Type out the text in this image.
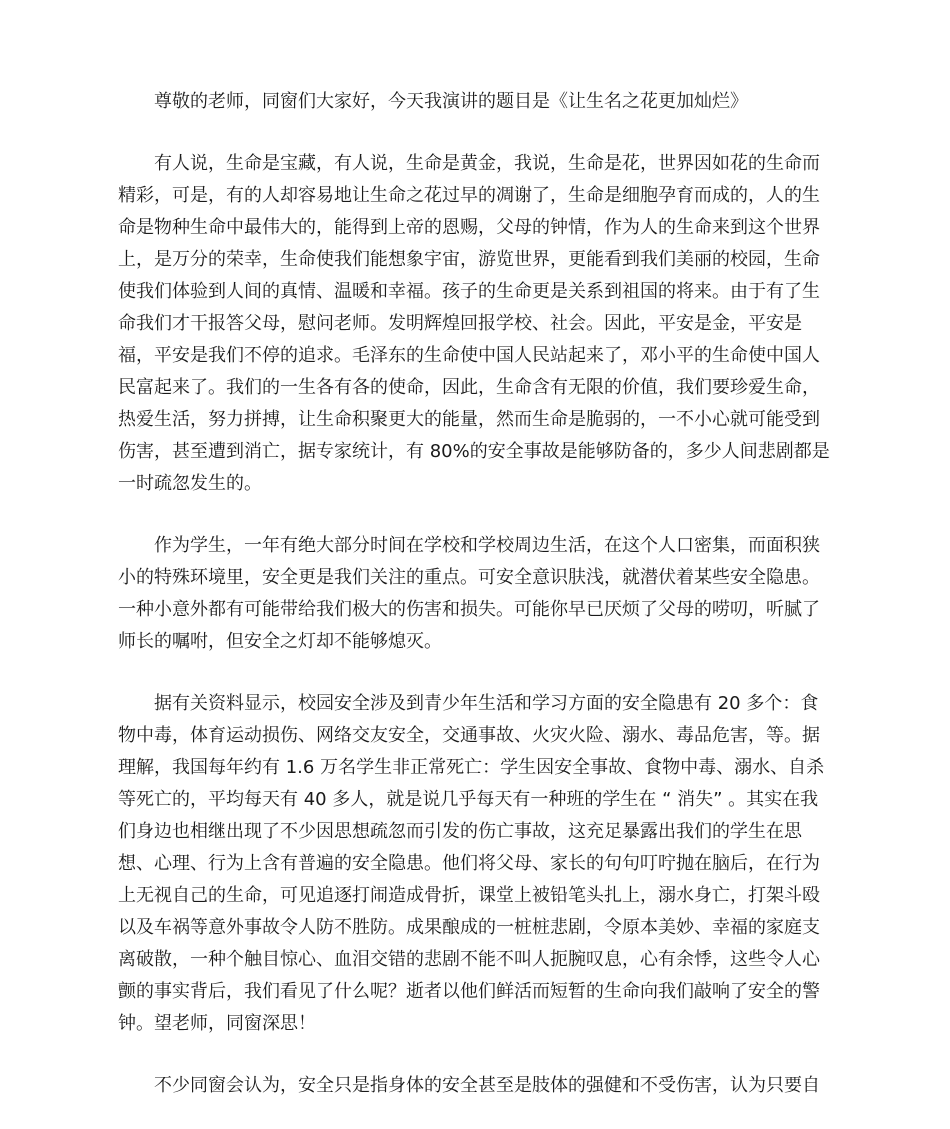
尊敬的老师，同窗们大家好，今天我演讲的题目是《让生名之花更加灿烂》

有人说，生命是宝藏，有人说，生命是黄金，我说，生命是花，世界因如花的生命而精彩，可是，有的人却容易地让生命之花过早的凋谢了，生命是细胞孕育而成的，人的生命是物种生命中最伟大的，能得到上帝的恩赐，父母的钟情，作为人的生命来到这个世界上，是万分的荣幸，生命使我们能想象宇宙，游览世界，更能看到我们美丽的校园，生命使我们体验到人间的真情、温暖和幸福。孩子的生命更是关系到祖国的将来。由于有了生命我们才干报答父母，慰问老师。发明辉煌回报学校、社会。因此，平安是金，平安是福，平安是我们不停的追求。毛泽东的生命使中国人民站起来了，邓小平的生命使中国人民富起来了。我们的一生各有各的使命，因此，生命含有无限的价值，我们要珍爱生命，热爱生活，努力拼搏，让生命积聚更大的能量，然而生命是脆弱的，一不小心就可能受到伤害，甚至遭到消亡，据专家统计，有 80%的安全事故是能够防备的，多少人间悲剧都是一时疏忽发生的。

作为学生，一年有绝大部分时间在学校和学校周边生活，在这个人口密集，而面积狭小的特殊环境里，安全更是我们关注的重点。可安全意识肤浅，就潜伏着某些安全隐患。一种小意外都有可能带给我们极大的伤害和损失。可能你早已厌烦了父母的唠叨，听腻了师长的嘱咐，但安全之灯却不能够熄灭。

据有关资料显示，校园安全涉及到青少年生活和学习方面的安全隐患有 20 多个：食物中毒，体育运动损伤、网络交友安全，交通事故、火灾火险、溺水、毒品危害，等。据理解，我国每年约有 1.6 万名学生非正常死亡：学生因安全事故、食物中毒、溺水、自杀等死亡的，平均每天有 40 多人，就是说几乎每天有一种班的学生在 “ 消失” 。其实在我们身边也相继出现了不少因思想疏忽而引发的伤亡事故，这充足暴露出我们的学生在思想、心理、行为上含有普遍的安全隐患。他们将父母、家长的句句叮咛抛在脑后，在行为上无视自己的生命，可见追逐打闹造成骨折，课堂上被铅笔头扎上，溺水身亡，打架斗殴以及车祸等意外事故令人防不胜防。成果酿成的一桩桩悲剧，令原本美妙、幸福的家庭支离破散，一种个触目惊心、血泪交错的悲剧不能不叫人扼腕叹息，心有余悸，这些令人心颤的事实背后，我们看见了什么呢？逝者以他们鲜活而短暂的生命向我们敲响了安全的警钟。望老师，同窗深思！

不少同窗会认为，安全只是指身体的安全甚至是肢体的强健和不受伤害，认为只要自
